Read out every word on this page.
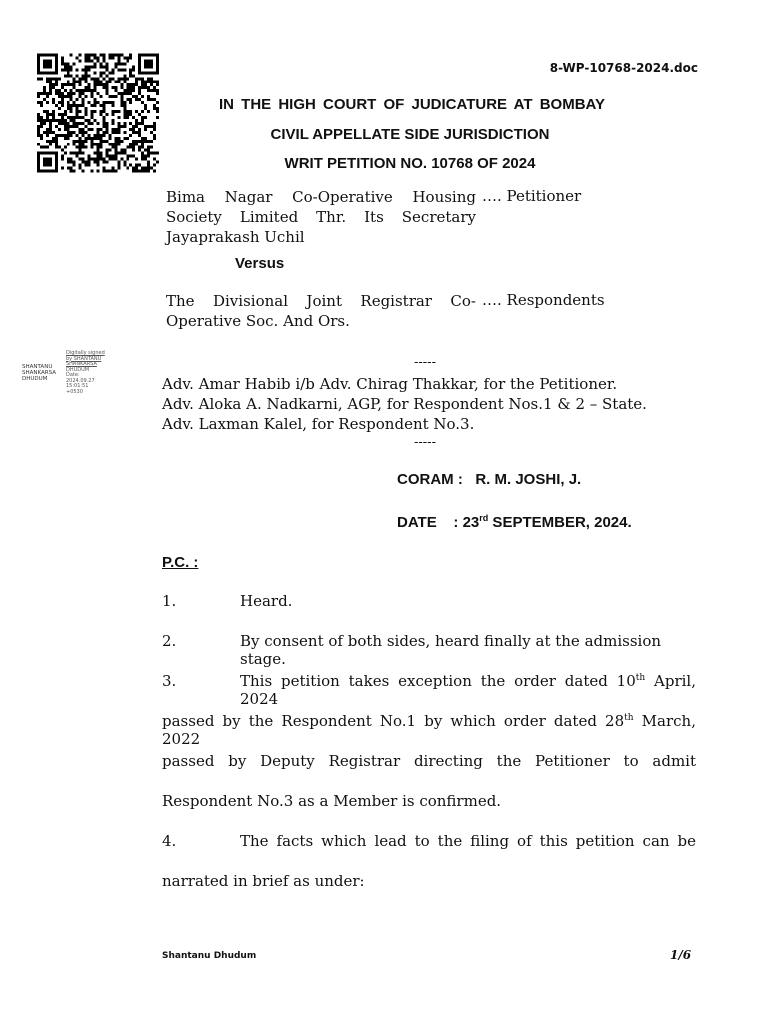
8-WP-10768-2024.doc
IN THE HIGH COURT OF JUDICATURE AT BOMBAY
CIVIL APPELLATE SIDE JURISDICTION
WRIT PETITION NO. 10768 OF 2024
Bima Nagar Co-Operative Housing
Society Limited Thr. Its Secretary
Jayaprakash Uchil
…. Petitioner
Versus
The Divisional Joint Registrar Co-
Operative Soc. And Ors.
…. Respondents
SHANTANU
SHANKARSA
DHUDUM
Digitally signed
by SHANTANU
SHANKARSA
DHUDUM
Date:
2024.09.27
15:01:51
+0530
-----
Adv. Amar Habib i/b Adv. Chirag Thakkar, for the Petitioner.
Adv. Aloka A. Nadkarni, AGP, for Respondent Nos.1 & 2 – State.
Adv. Laxman Kalel, for Respondent No.3.
-----
CORAM : R. M. JOSHI, J.
DATE : 23rd SEPTEMBER, 2024.
P.C. :
1.	Heard.
2.	By consent of both sides, heard finally at the admission stage.
3.	This petition takes exception the order dated 10th April, 2024
passed by the Respondent No.1 by which order dated 28th March, 2022
passed by Deputy Registrar directing the Petitioner to admit
Respondent No.3 as a Member is confirmed.
4.	The facts which lead to the filing of this petition can be
narrated in brief as under:
Shantanu Dhudum	1/6
